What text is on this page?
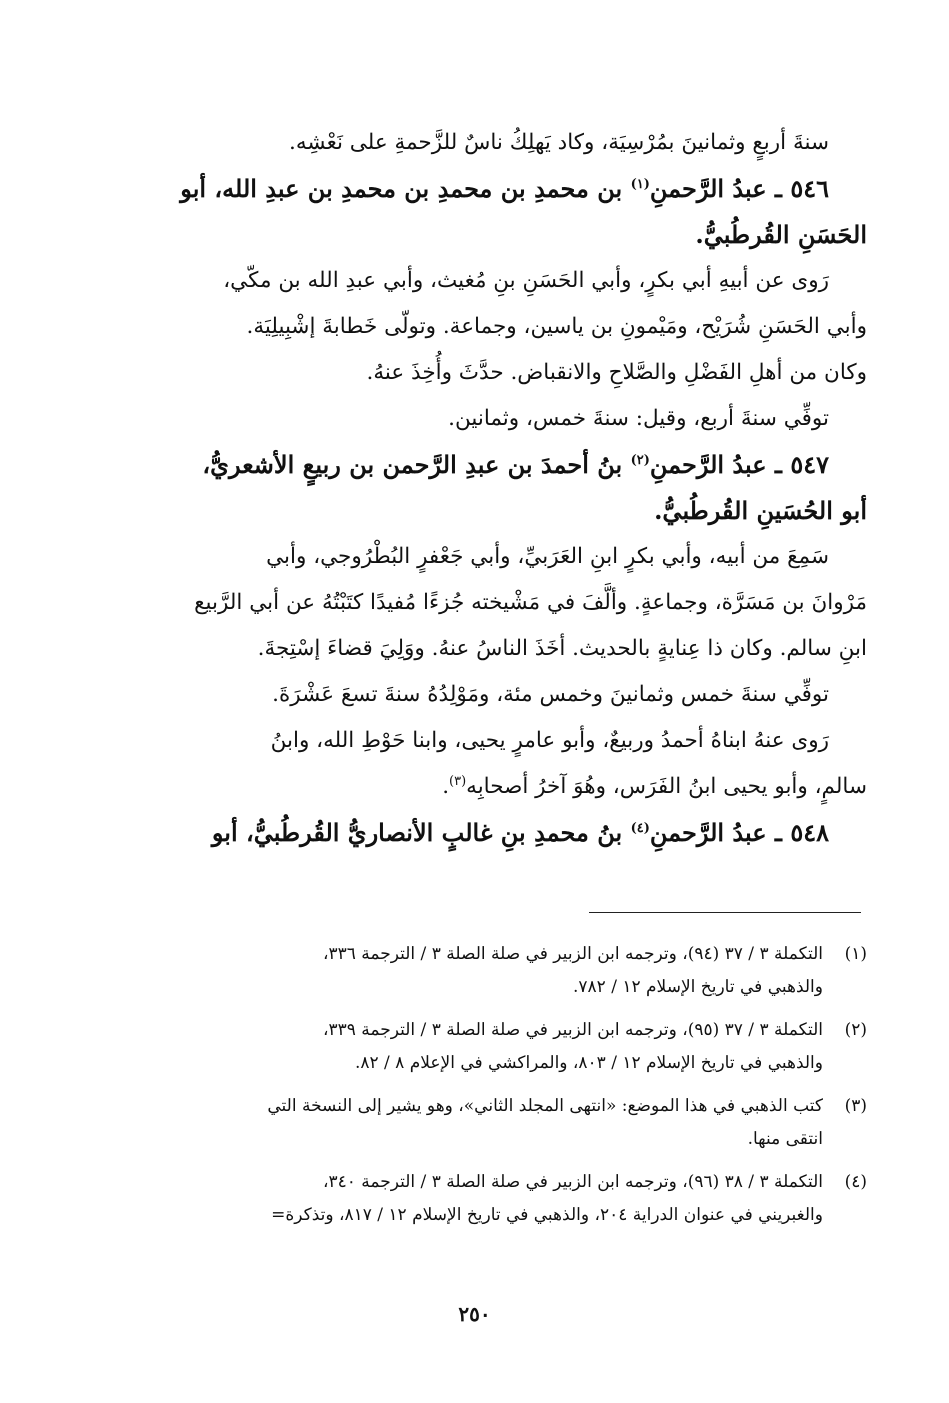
سنةَ أربعٍ وثمانينَ بمُرْسِيَة، وكاد يَهلِكُ ناسٌ للزَّحمةِ على نَعْشِه.
٥٤٦ ـ عبدُ الرَّحمنِ$^{(١)}$ بن محمدِ بن محمدِ بن محمدِ بن عبدِ الله، أبو
الحَسَنِ القُرطُبيُّ.
رَوى عن أبيهِ أبي بكرٍ، وأبي الحَسَنِ بنِ مُغيث، وأبي عبدِ الله بن مكّي،
وأبي الحَسَنِ شُرَيْح، ومَيْمونِ بن ياسين، وجماعة. وتولّى خَطابةَ إشْبِيلِيَة.
وكان من أهلِ الفَضْلِ والصَّلاحِ والانقباض. حدَّثَ وأُخِذَ عنهُ.
توفِّي سنةَ أربع، وقيل: سنةَ خمس، وثمانين.
٥٤٧ ـ عبدُ الرَّحمنِ$^{(٢)}$ بنُ أحمدَ بن عبدِ الرَّحمن بن ربيعٍ الأشعريُّ،
أبو الحُسَينِ القُرطُبيُّ.
سَمِعَ من أبيه، وأبي بكرٍ ابنِ العَرَبيِّ، وأبي جَعْفرٍ البُطْرُوجي، وأبي
مَرْوانَ بن مَسَرَّة، وجماعةٍ. وألَّفَ في مَشْيخته جُزءًا مُفيدًا كتَبْتُهُ عن أبي الرَّبيع
ابنِ سالم. وكان ذا عِنايةٍ بالحديث. أخَذَ الناسُ عنهُ. ووَلِيَ قضاءَ إسْتِجةَ.
توفِّي سنةَ خمس وثمانينَ وخمس مئة، ومَوْلِدُهُ سنةَ تسعَ عَشْرَةَ.
رَوى عنهُ ابناهُ أحمدُ وربيعٌ، وأبو عامرٍ يحيى، وابنا حَوْطِ الله، وابنُ
سالمٍ، وأبو يحيى ابنُ الفَرَس، وهُوَ آخرُ أصحابِه$^{(٣)}$.
٥٤٨ ـ عبدُ الرَّحمنِ$^{(٤)}$ بنُ محمدِ بنِ غالبٍ الأنصاريُّ القُرطُبيُّ، أبو
(١)
التكملة ٣ / ٣٧ (٩٤)، وترجمه ابن الزبير في صلة الصلة ٣ / الترجمة ٣٣٦،
والذهبي في تاريخ الإسلام ١٢ / ٧٨٢.
(٢)
التكملة ٣ / ٣٧ (٩٥)، وترجمه ابن الزبير في صلة الصلة ٣ / الترجمة ٣٣٩،
والذهبي في تاريخ الإسلام ١٢ / ٨٠٣، والمراكشي في الإعلام ٨ / ٨٢.
(٣)
كتب الذهبي في هذا الموضع: «انتهى المجلد الثاني»، وهو يشير إلى النسخة التي
انتقى منها.
(٤)
التكملة ٣ / ٣٨ (٩٦)، وترجمه ابن الزبير في صلة الصلة ٣ / الترجمة ٣٤٠،
والغبريني في عنوان الدراية ٢٠٤، والذهبي في تاريخ الإسلام ١٢ / ٨١٧، وتذكرة=
٢٥٠
